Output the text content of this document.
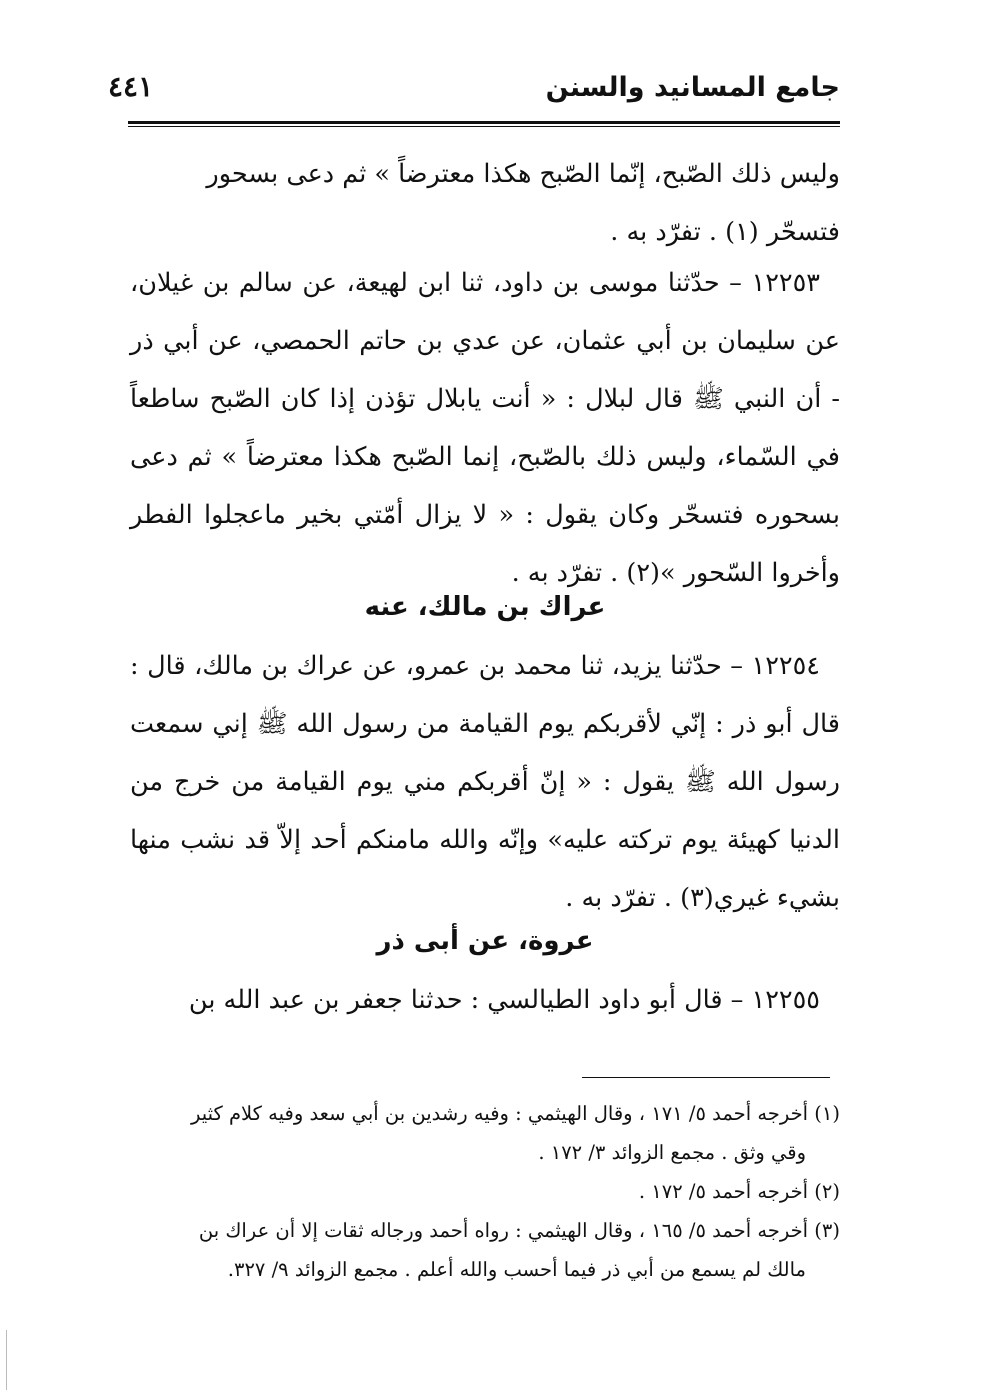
جامع المسانيد والسنن
٤٤١

وليس ذلك الصّبح، إنّما الصّبح هكذا معترضاً » ثم دعى بسحور

فتسحّر (١) . تفرّد به .

١٢٢٥٣ – حدّثنا موسى بن داود، ثنا ابن لهيعة، عن سالم بن غيلان، عن سليمان بن أبي عثمان، عن عدي بن حاتم الحمصي، عن أبي ذر - أن النبي ﷺ قال لبلال : « أنت يابلال تؤذن إذا كان الصّبح ساطعاً في السّماء، وليس ذلك بالصّبح، إنما الصّبح هكذا معترضاً » ثم دعى بسحوره فتسحّر وكان يقول : « لا يزال أمّتي بخير ماعجلوا الفطر وأخروا السّحور »(٢) . تفرّد به .

عراك بن مالك، عنه

١٢٢٥٤ – حدّثنا يزيد، ثنا محمد بن عمرو، عن عراك بن مالك، قال : قال أبو ذر : إنّي لأقربكم يوم القيامة من رسول الله ﷺ إني سمعت رسول الله ﷺ يقول : « إنّ أقربكم مني يوم القيامة من خرج من الدنيا كهيئة يوم تركته عليه» وإنّه والله مامنكم أحد إلاّ قد نشب منها بشيء غيري(٣) . تفرّد به .

عروة، عن أبى ذر

١٢٢٥٥ – قال أبو داود الطيالسي : حدثنا جعفر بن عبد الله بن

(١) أخرجه أحمد ٥/ ١٧١ ، وقال الهيثمي : وفيه رشدين بن أبي سعد وفيه كلام كثير

وقي وثق . مجمع الزوائد ٣/ ١٧٢ .

(٢) أخرجه أحمد ٥/ ١٧٢ .

(٣) أخرجه أحمد ٥/ ١٦٥ ، وقال الهيثمي : رواه أحمد ورجاله ثقات إلا أن عراك بن

مالك لم يسمع من أبي ذر فيما أحسب والله أعلم . مجمع الزوائد ٩/ ٣٢٧.
